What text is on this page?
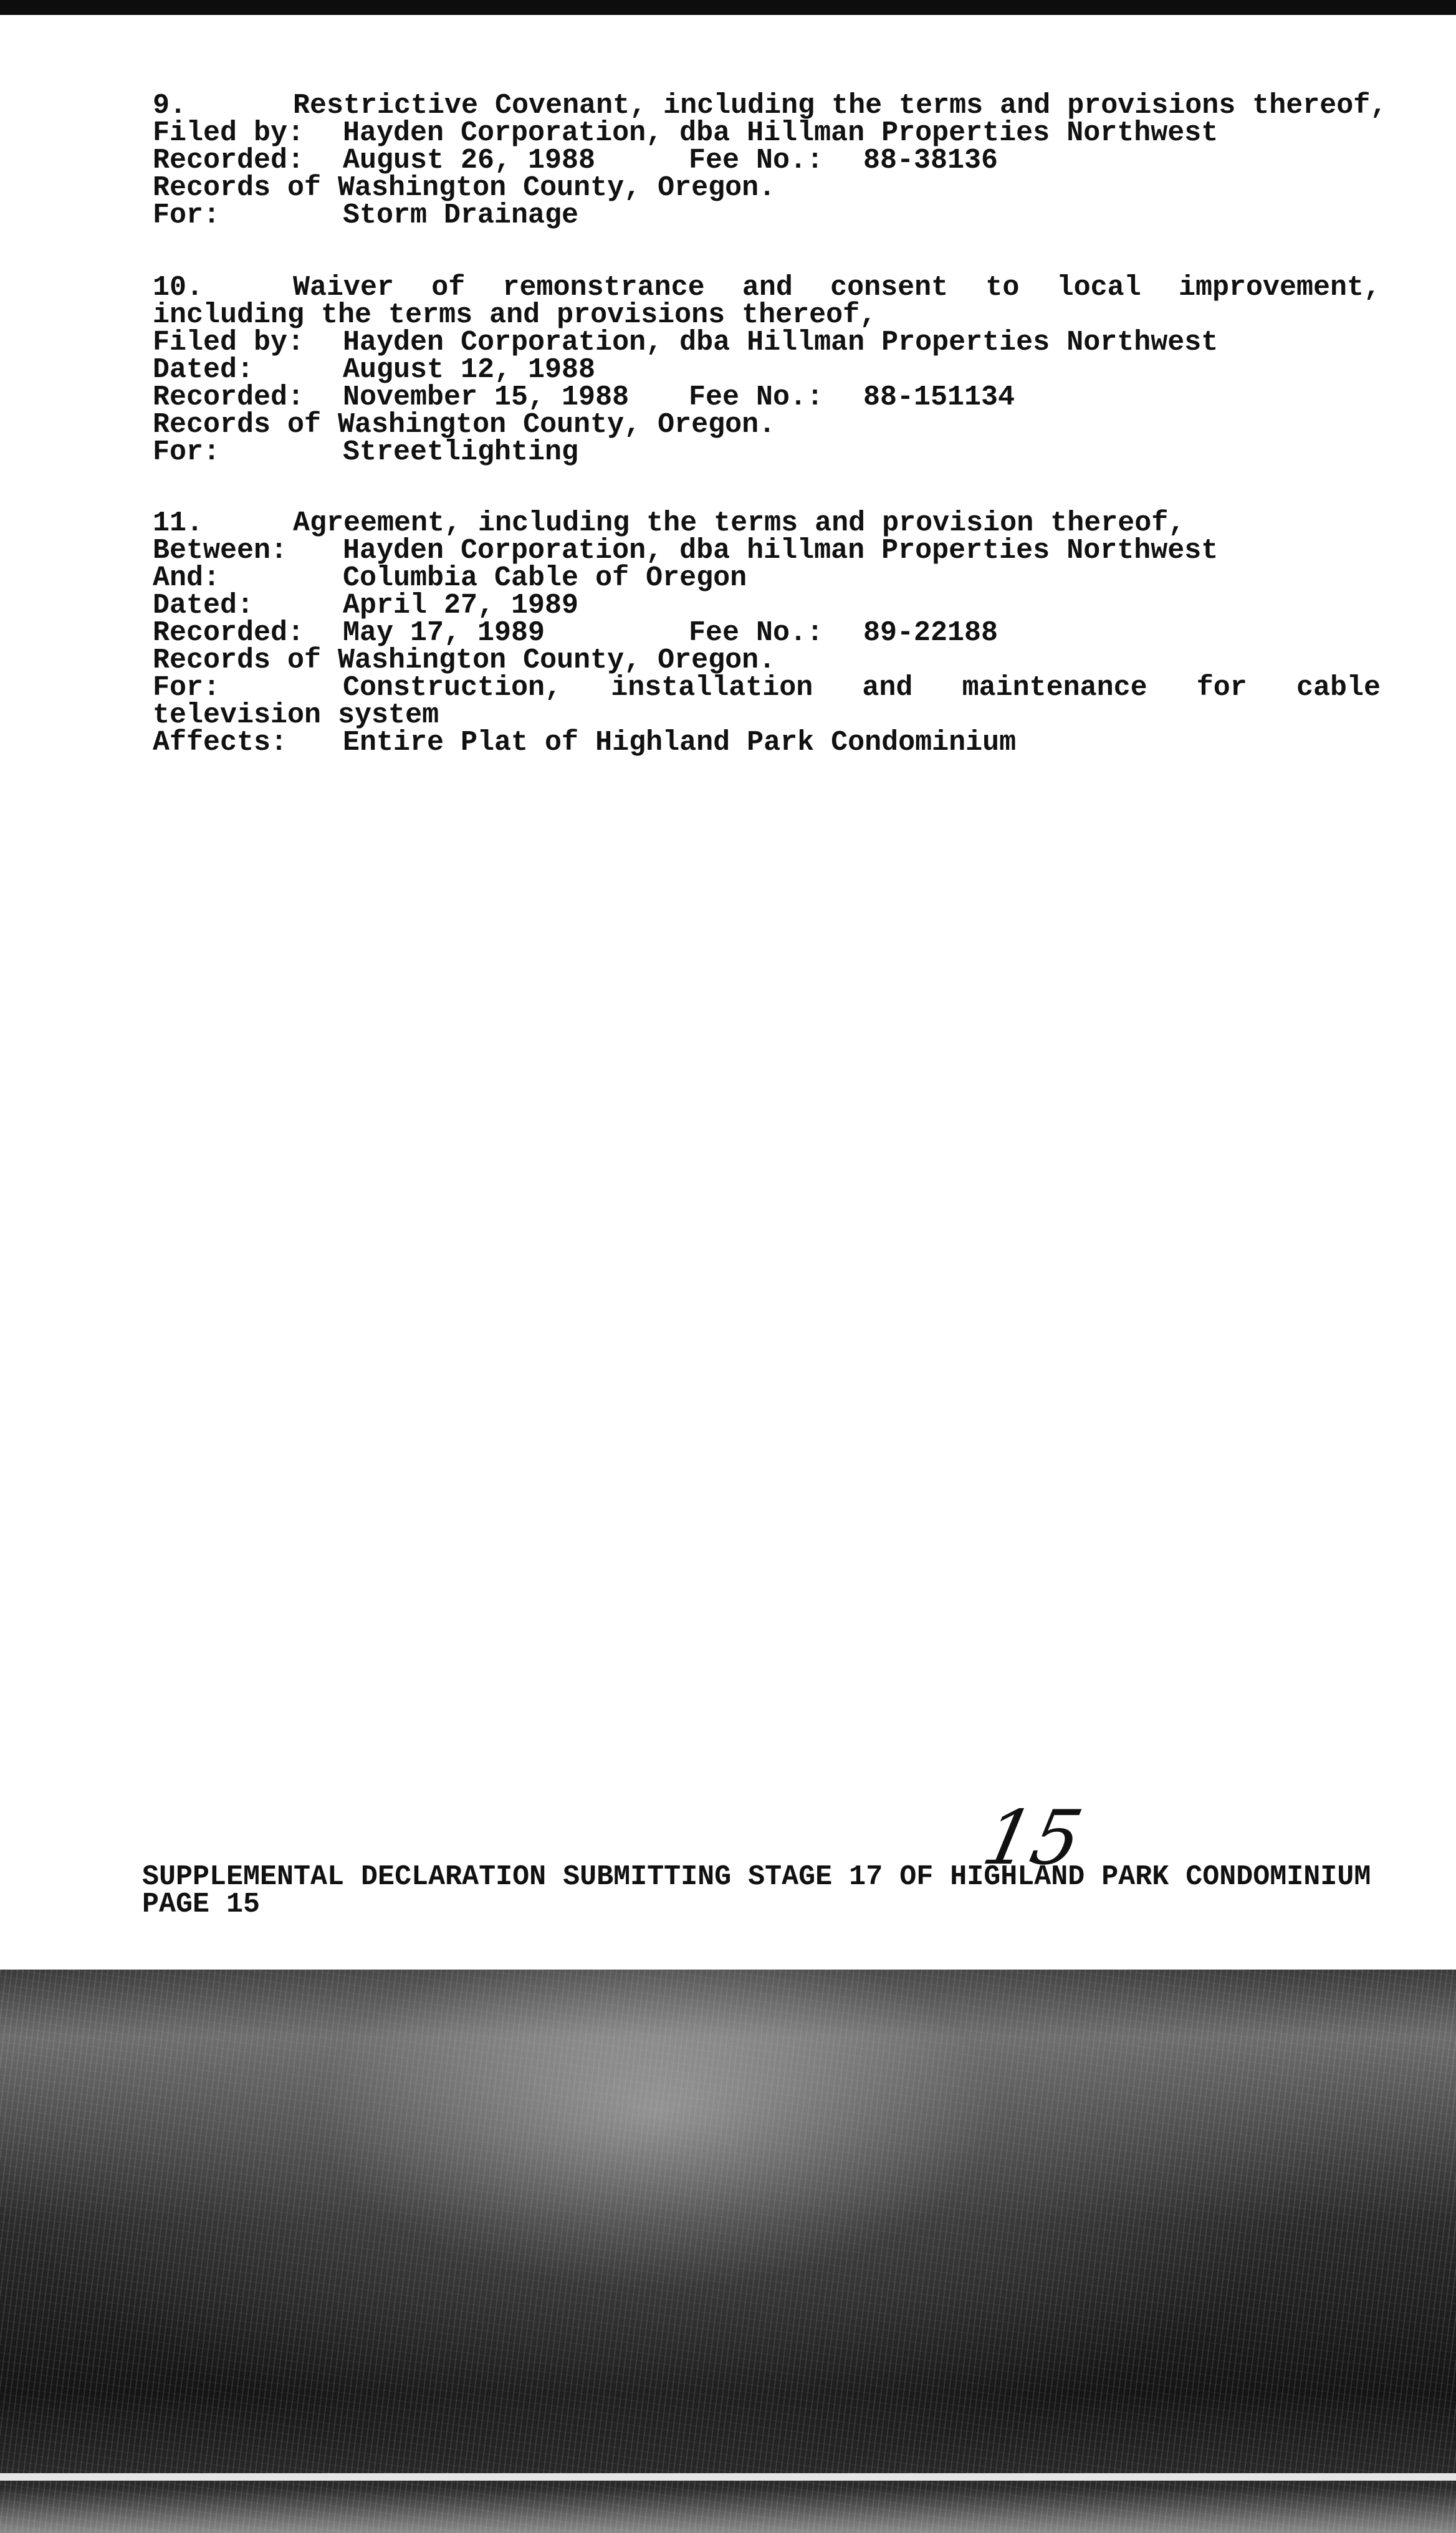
9.	Restrictive Covenant, including the terms and provisions thereof,
Filed by: Hayden Corporation, dba Hillman Properties Northwest
Recorded: August 26, 1988	Fee No.: 88-38136
Records of Washington County, Oregon.
For:	Storm Drainage
10.	Waiver of remonstrance and consent to local improvement,
including the terms and provisions thereof,
Filed by: Hayden Corporation, dba Hillman Properties Northwest
Dated:	August 12, 1988
Recorded: November 15, 1988 Fee No.: 88-151134
Records of Washington County, Oregon.
For:	Streetlighting
11.	Agreement, including the terms and provision thereof,
Between: Hayden Corporation, dba hillman Properties Northwest
And:	Columbia Cable of Oregon
Dated:	April 27, 1989
Recorded: May 17, 1989	Fee No.: 89-22188
Records of Washington County, Oregon.
For:	Construction, installation and maintenance for cable
television system
Affects: Entire Plat of Highland Park Condominium
15
SUPPLEMENTAL DECLARATION SUBMITTING STAGE 17 OF HIGHLAND PARK CONDOMINIUM
PAGE 15
